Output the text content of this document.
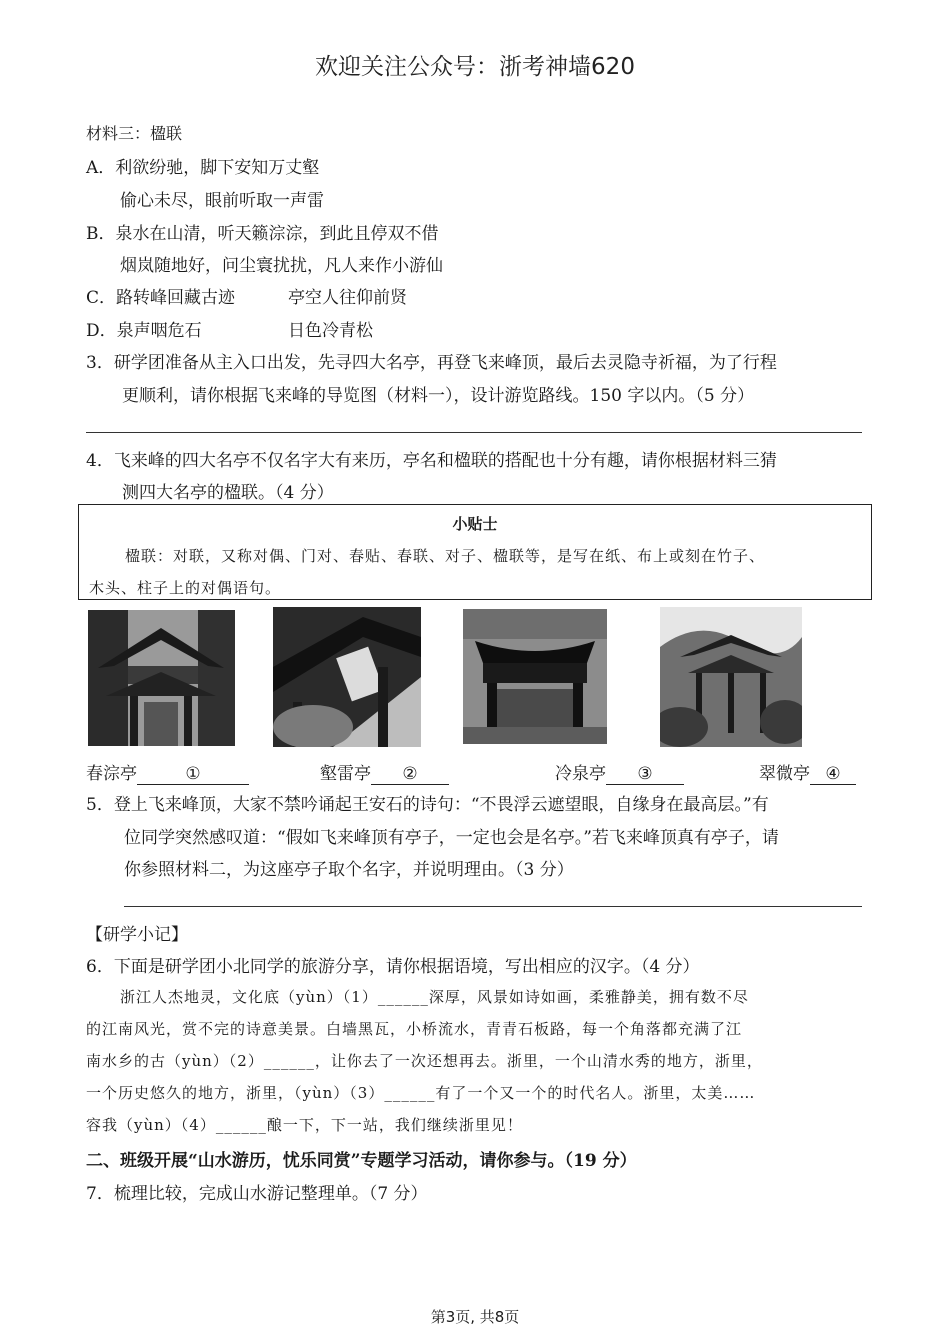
欢迎关注公众号：浙考神墙620
材料三：楹联
A．利欲纷驰，脚下安知万丈壑
偷心未尽，眼前听取一声雷
B．泉水在山清，听天籁淙淙，到此且停双不借
烟岚随地好，问尘寰扰扰，凡人来作小游仙
C．路转峰回藏古迹	亭空人往仰前贤
D．泉声咽危石	日色冷青松
3．研学团准备从主入口出发，先寻四大名亭，再登飞来峰顶，最后去灵隐寺祈福，为了行程
更顺利，请你根据飞来峰的导览图（材料一），设计游览路线。150 字以内。（5 分）
4．飞来峰的四大名亭不仅名字大有来历，亭名和楹联的搭配也十分有趣，请你根据材料三猜
测四大名亭的楹联。（4 分）
小贴士
楹联：对联，又称对偶、门对、春贴、春联、对子、楹联等，是写在纸、布上或刻在竹子、
木头、柱子上的对偶语句。
春淙亭	①	壑雷亭 ②	冷泉亭 ③	翠微亭 ④
5．登上飞来峰顶，大家不禁吟诵起王安石的诗句：“不畏浮云遮望眼，自缘身在最高层。”有
位同学突然感叹道：“假如飞来峰顶有亭子，一定也会是名亭。”若飞来峰顶真有亭子，请
你参照材料二，为这座亭子取个名字，并说明理由。（3 分）
【研学小记】
6．下面是研学团小北同学的旅游分享，请你根据语境，写出相应的汉字。（4 分）
浙江人杰地灵，文化底（yùn）（1）______深厚，风景如诗如画，柔雅静美，拥有数不尽
的江南风光，赏不完的诗意美景。白墙黑瓦，小桥流水，青青石板路，每一个角落都充满了江
南水乡的古（yùn）（2）______，让你去了一次还想再去。浙里，一个山清水秀的地方，浙里，
一个历史悠久的地方，浙里，（yùn）（3）______有了一个又一个的时代名人。浙里，太美……
容我（yùn）（4）______酿一下，下一站，我们继续浙里见！
二、班级开展“山水游历，忧乐同赏”专题学习活动，请你参与。（19 分）
7．梳理比较，完成山水游记整理单。（7 分）
第3页, 共8页
